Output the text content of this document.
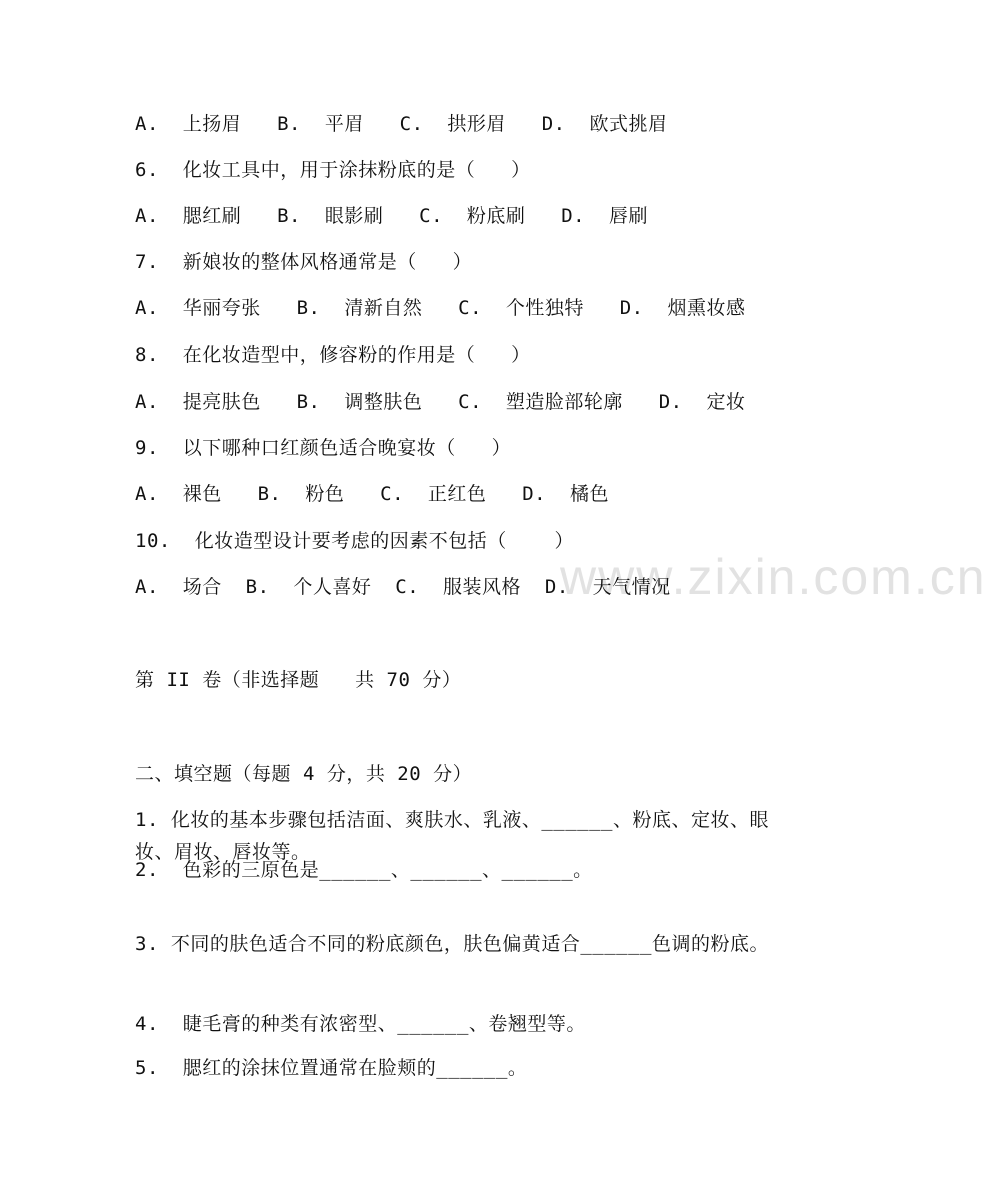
www.zixin.com.cn
A.  上扬眉   B.  平眉   C.  拱形眉   D.  欧式挑眉
6.  化妆工具中，用于涂抹粉底的是（   ）
A.  腮红刷   B.  眼影刷   C.  粉底刷   D.  唇刷
7.  新娘妆的整体风格通常是（   ）
A.  华丽夸张   B.  清新自然   C.  个性独特   D.  烟熏妆感
8.  在化妆造型中，修容粉的作用是（   ）
A.  提亮肤色   B.  调整肤色   C.  塑造脸部轮廓   D.  定妆
9.  以下哪种口红颜色适合晚宴妆（   ）
A.  裸色   B.  粉色   C.  正红色   D.  橘色
10.  化妆造型设计要考虑的因素不包括（    ）
A.  场合  B.  个人喜好  C.  服装风格  D.  天气情况
第 II 卷（非选择题   共 70 分）
二、填空题（每题 4 分，共 20 分）
1. 化妆的基本步骤包括洁面、爽肤水、乳液、______、粉底、定妆、眼妆、眉妆、唇妆等。
2.  色彩的三原色是______、______、______。
3. 不同的肤色适合不同的粉底颜色，肤色偏黄适合______色调的粉底。
4.  睫毛膏的种类有浓密型、______、卷翘型等。
5.  腮红的涂抹位置通常在脸颊的______。
